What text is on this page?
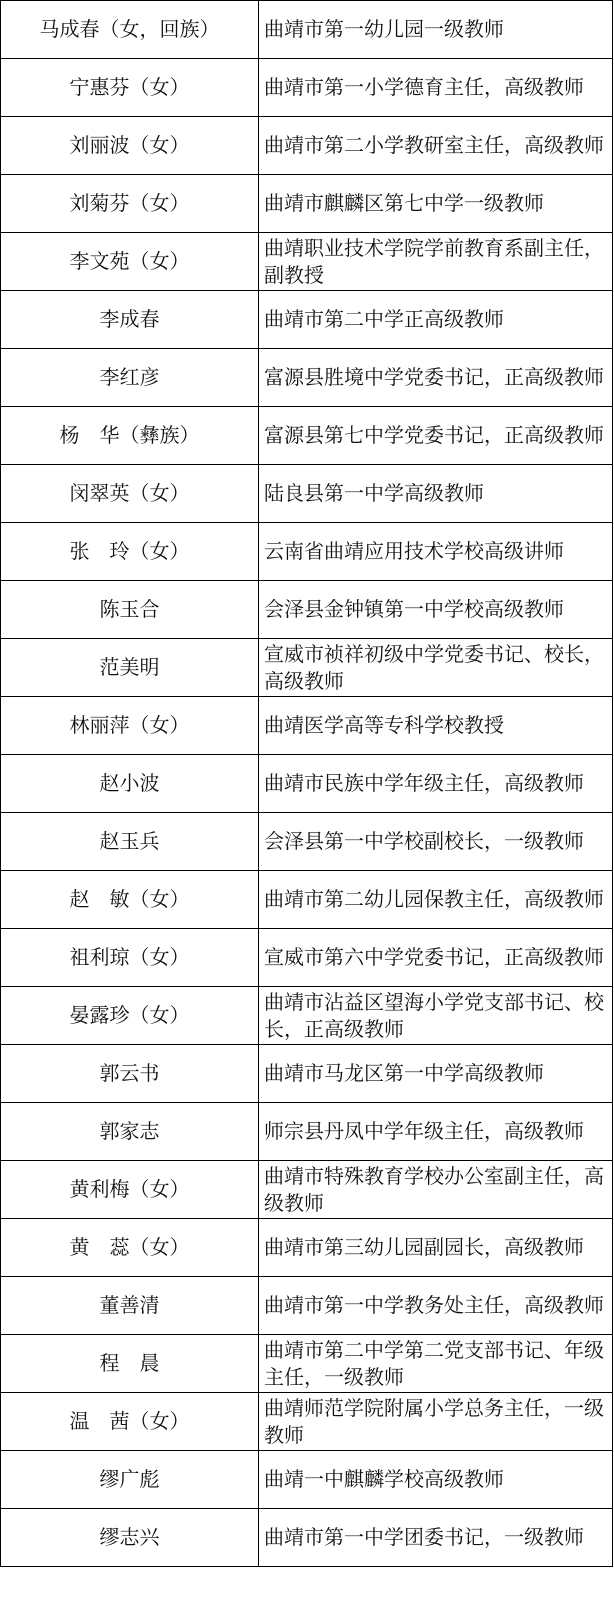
马成春（女，回族）	曲靖市第一幼儿园一级教师
宁惠芬（女）	曲靖市第一小学德育主任，高级教师
刘丽波（女）	曲靖市第二小学教研室主任，高级教师
刘菊芬（女）	曲靖市麒麟区第七中学一级教师
李文苑（女）	曲靖职业技术学院学前教育系副主任，副教授
李成春	曲靖市第二中学正高级教师
李红彦	富源县胜境中学党委书记，正高级教师
杨　华（彝族）	富源县第七中学党委书记，正高级教师
闵翠英（女）	陆良县第一中学高级教师
张　玲（女）	云南省曲靖应用技术学校高级讲师
陈玉合	会泽县金钟镇第一中学校高级教师
范美明	宣威市祯祥初级中学党委书记、校长，高级教师
林丽萍（女）	曲靖医学高等专科学校教授
赵小波	曲靖市民族中学年级主任，高级教师
赵玉兵	会泽县第一中学校副校长，一级教师
赵　敏（女）	曲靖市第二幼儿园保教主任，高级教师
祖利琼（女）	宣威市第六中学党委书记，正高级教师
晏露珍（女）	曲靖市沾益区望海小学党支部书记、校长，正高级教师
郭云书	曲靖市马龙区第一中学高级教师
郭家志	师宗县丹凤中学年级主任，高级教师
黄利梅（女）	曲靖市特殊教育学校办公室副主任，高级教师
黄　蕊（女）	曲靖市第三幼儿园副园长，高级教师
董善清	曲靖市第一中学教务处主任，高级教师
程　晨	曲靖市第二中学第二党支部书记、年级主任，一级教师
温　茜（女）	曲靖师范学院附属小学总务主任，一级教师
缪广彪	曲靖一中麒麟学校高级教师
缪志兴	曲靖市第一中学团委书记，一级教师
